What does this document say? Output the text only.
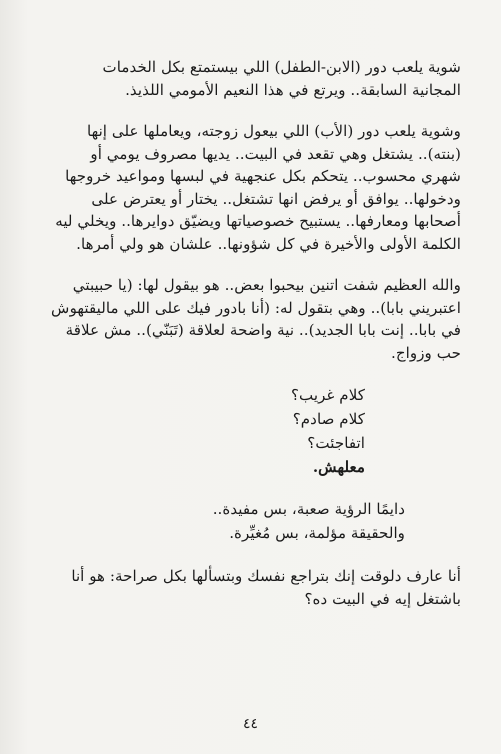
شوية يلعب دور (الابن-الطفل) اللي بيستمتع بكل الخدمات المجانية السابقة.. ويرتع في هذا النعيم الأمومي اللذيذ.

وشوية يلعب دور (الأب) اللي بيعول زوجته، ويعاملها على إنها (بنته).. يشتغل وهي تقعد في البيت.. يديها مصروف يومي أو شهري محسوب.. يتحكم بكل عنجهية في لبسها ومواعيد خروجها ودخولها.. يوافق أو يرفض انها تشتغل.. يختار أو يعترض على أصحابها ومعارفها.. يستبيح خصوصياتها ويضيّق دوايرها.. ويخلي ليه الكلمة الأولى والأخيرة في كل شؤونها.. علشان هو ولي أمرها.

والله العظيم شفت اتنين بيحبوا بعض.. هو بيقول لها: (يا حبيبتي اعتبريني بابا).. وهي بتقول له: (أنا بادور فيك على اللي ماليقتهوش في بابا.. إنت بابا الجديد).. نية واضحة لعلاقة (تَبَنّي).. مش علاقة حب وزواج.

كلام غريب؟
كلام صادم؟
اتفاجئت؟
معلهش.
دايمًا الرؤية صعبة، بس مفيدة..
والحقيقة مؤلمة، بس مُغيِّرة.

أنا عارف دلوقت إنك بتراجع نفسك وبتسألها بكل صراحة: هو أنا باشتغل إيه في البيت ده؟

٤٤
